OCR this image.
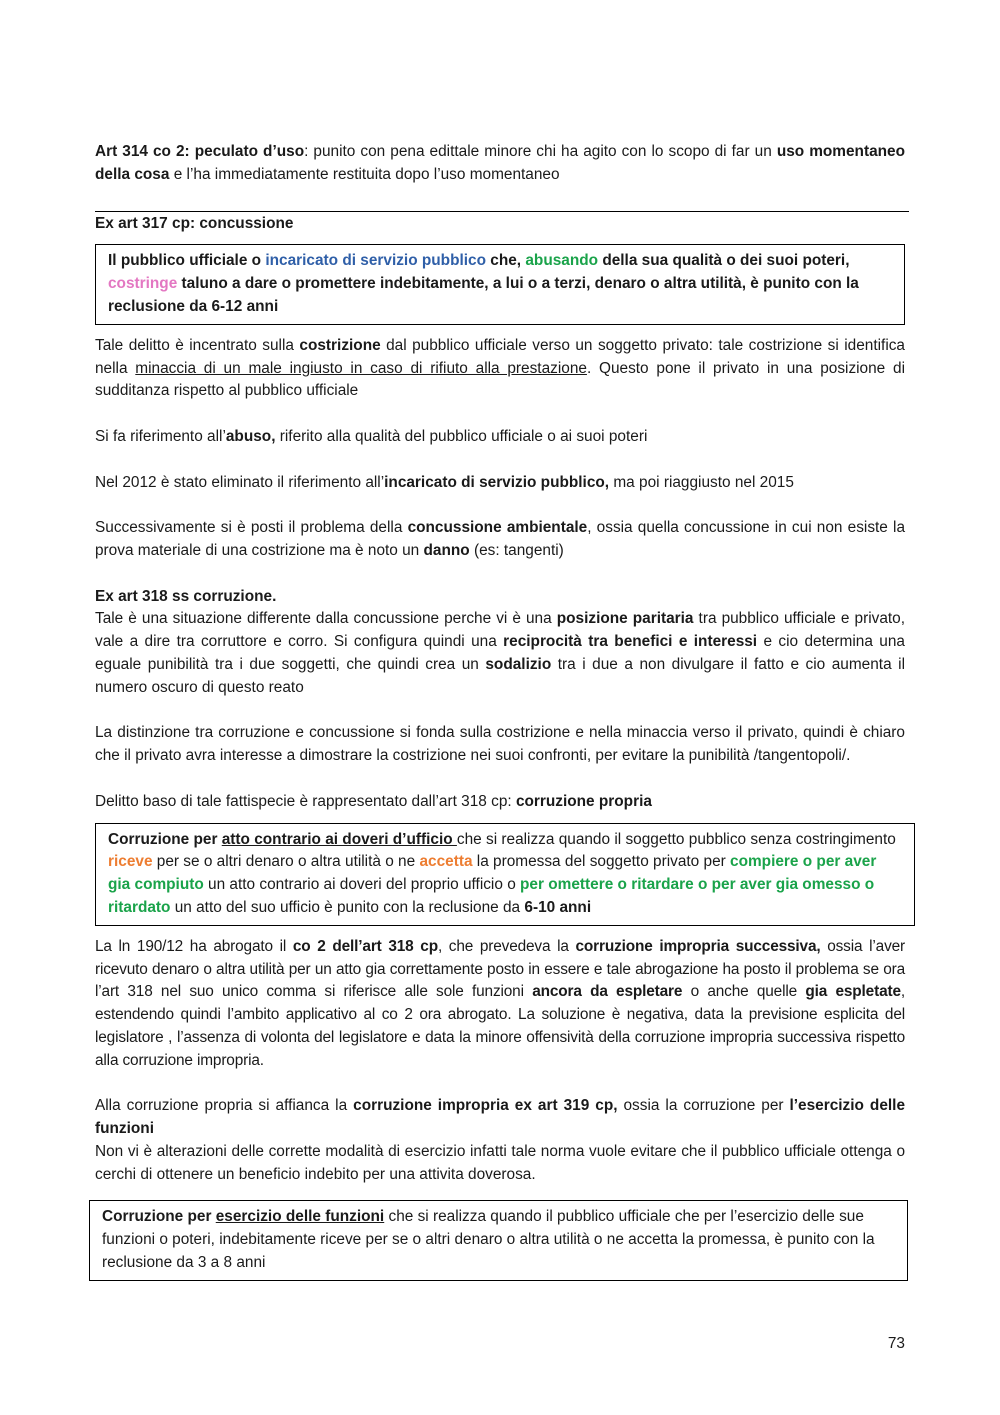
Art 314 co 2: peculato d’uso: punito con pena edittale minore chi ha agito con lo scopo di far un uso momentaneo della cosa e l’ha immediatamente restituita dopo l’uso momentaneo

Ex art 317 cp: concussione

Il pubblico ufficiale o incaricato di servizio pubblico che, abusando della sua qualità o dei suoi poteri, costringe taluno a dare o promettere indebitamente, a lui o a terzi, denaro o altra utilità, è punito con la reclusione da 6-12 anni

Tale delitto è incentrato sulla costrizione dal pubblico ufficiale verso un soggetto privato: tale costrizione si identifica nella minaccia di un male ingiusto in caso di rifiuto alla prestazione. Questo pone il privato in una posizione di sudditanza rispetto al pubblico ufficiale

Si fa riferimento all’abuso, riferito alla qualità del pubblico ufficiale o ai suoi poteri

Nel 2012 è stato eliminato il riferimento all’incaricato di servizio pubblico, ma poi riaggiusto nel 2015

Successivamente si è posti il problema della concussione ambientale, ossia quella concussione in cui non esiste la prova materiale di una costrizione ma è noto un danno (es: tangenti)

Ex art 318 ss corruzione.

Tale è una situazione differente dalla concussione perche vi è una posizione paritaria tra pubblico ufficiale e privato, vale a dire tra corruttore e corro. Si configura quindi una reciprocità tra benefici e interessi e cio determina una eguale punibilità tra i due soggetti, che quindi crea un sodalizio tra i due a non divulgare il fatto e cio aumenta il numero oscuro di questo reato

La distinzione tra corruzione e concussione si fonda sulla costrizione e nella minaccia verso il privato, quindi è chiaro che il privato avra interesse a dimostrare la costrizione nei suoi confronti, per evitare la punibilità /tangentopoli/.

Delitto baso di tale fattispecie è rappresentato dall’art 318 cp: corruzione propria

Corruzione per atto contrario ai doveri d’ufficio che si realizza quando il soggetto pubblico senza costringimento riceve per se o altri denaro o altra utilità o ne accetta la promessa del soggetto privato per compiere o per aver gia compiuto un atto contrario ai doveri del proprio ufficio o per omettere o ritardare o per aver gia omesso o ritardato un atto del suo ufficio è punito con la reclusione da 6-10 anni

La ln 190/12 ha abrogato il co 2 dell’art 318 cp, che prevedeva la corruzione impropria successiva, ossia l’aver ricevuto denaro o altra utilità per un atto gia correttamente posto in essere e tale abrogazione ha posto il problema se ora l’art 318 nel suo unico comma si riferisce alle sole funzioni ancora da espletare o anche quelle gia espletate, estendendo quindi l’ambito applicativo al co 2 ora abrogato. La soluzione è negativa, data la previsione esplicita del legislatore , l’assenza di volonta del legislatore e data la minore offensività della corruzione impropria successiva rispetto alla corruzione impropria.

Alla corruzione propria si affianca la corruzione impropria ex art 319 cp, ossia la corruzione per l’esercizio delle funzioni

Non vi è alterazioni delle corrette modalità di esercizio infatti tale norma vuole evitare che il pubblico ufficiale ottenga o cerchi di ottenere un beneficio indebito per una attivita doverosa.

Corruzione per esercizio delle funzioni che si realizza quando il pubblico ufficiale che per l’esercizio delle sue funzioni o poteri, indebitamente riceve per se o altri denaro o altra utilità o ne accetta la promessa, è punito con la reclusione da 3 a 8 anni

73
